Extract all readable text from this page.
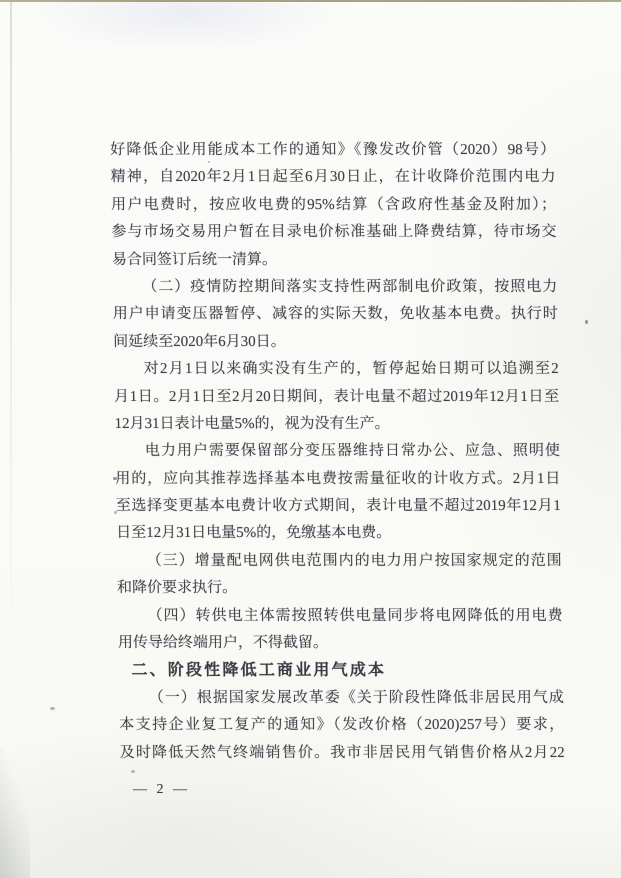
好降低企业用能成本工作的通知》《豫发改价管（2020）98号）
精神，自2020年2月1日起至6月30日止，在计收降价范围内电力
用户电费时，按应收电费的95%结算（含政府性基金及附加）；
参与市场交易用户暂在目录电价标准基础上降费结算，待市场交
易合同签订后统一清算。
（二）疫情防控期间落实支持性两部制电价政策，按照电力
用户申请变压器暂停、减容的实际天数，免收基本电费。执行时
间延续至2020年6月30日。
对2月1日以来确实没有生产的，暂停起始日期可以追溯至2
月1日。2月1日至2月20日期间，表计电量不超过2019年12月1日至
12月31日表计电量5%的，视为没有生产。
电力用户需要保留部分变压器维持日常办公、应急、照明使
用的，应向其推荐选择基本电费按需量征收的计收方式。2月1日
至选择变更基本电费计收方式期间，表计电量不超过2019年12月1
日至12月31日电量5%的，免缴基本电费。
（三）增量配电网供电范围内的电力用户按国家规定的范围
和降价要求执行。
（四）转供电主体需按照转供电量同步将电网降低的用电费
用传导给终端用户，不得截留。
二、阶段性降低工商业用气成本
（一）根据国家发展改革委《关于阶段性降低非居民用气成
本支持企业复工复产的通知》（发改价格（2020)257号）要求，
及时降低天然气终端销售价。我市非居民用气销售价格从2月22
— 2 —
